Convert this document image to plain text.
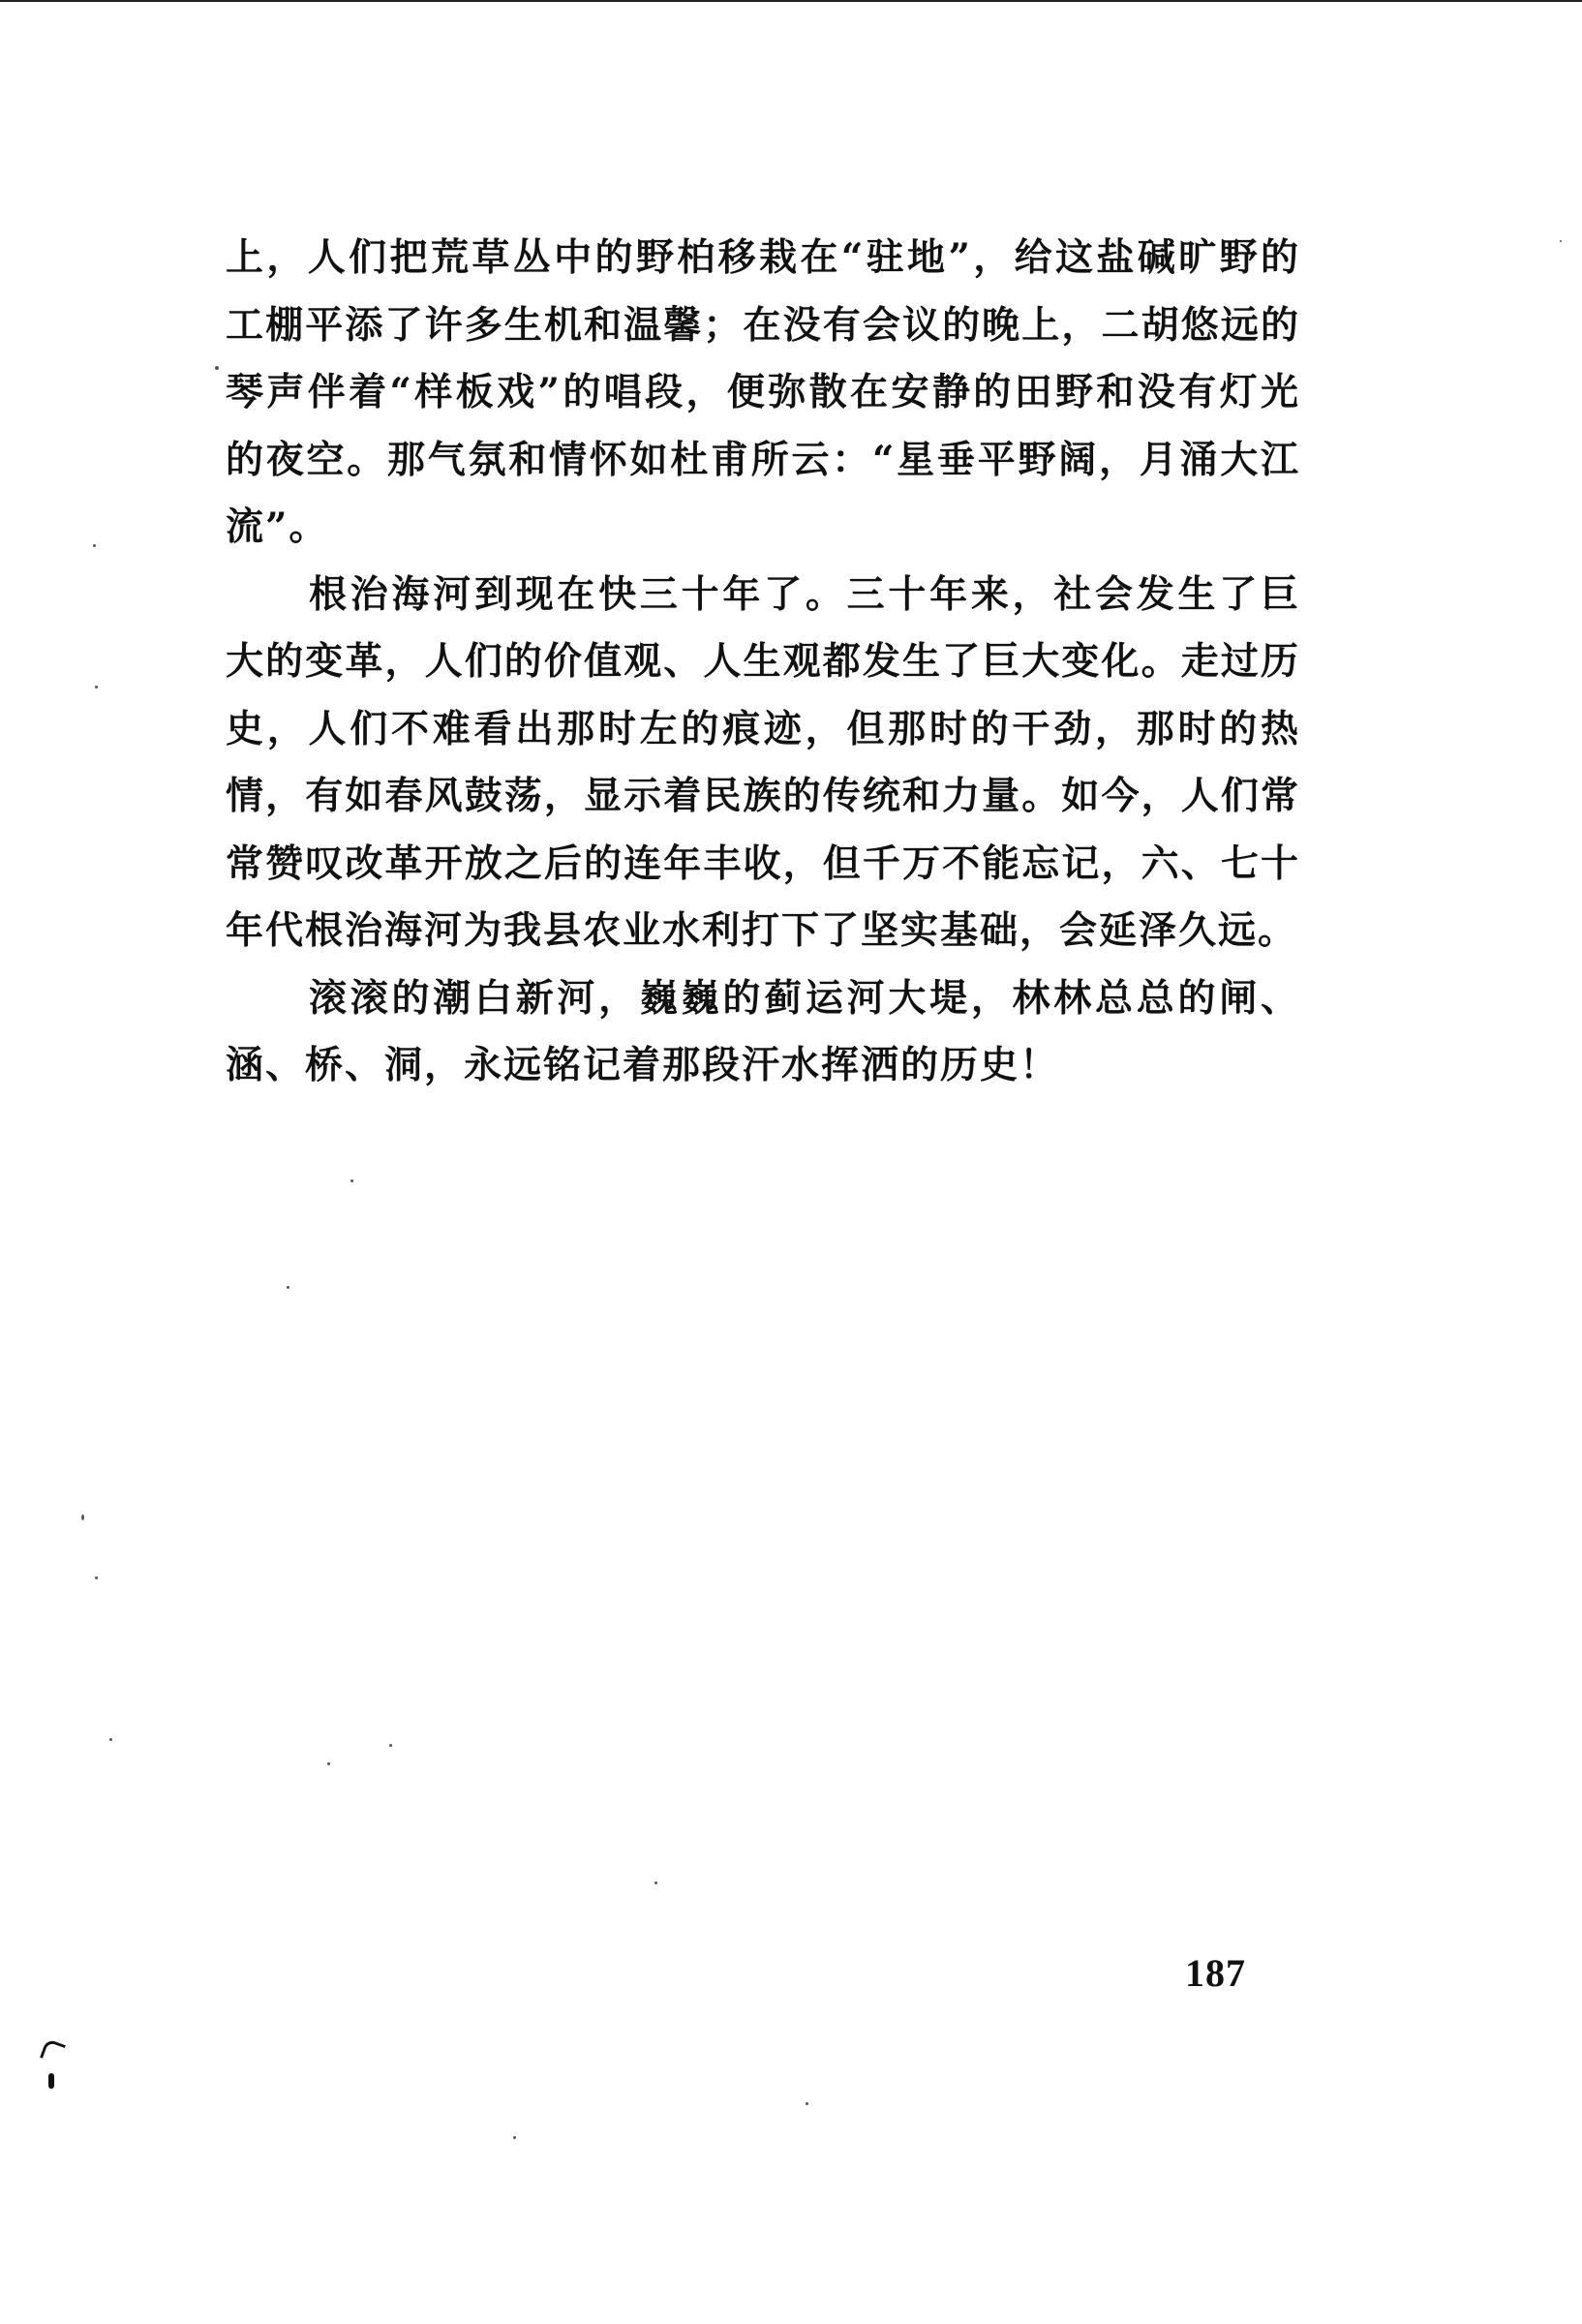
上，人们把荒草丛中的野柏移栽在“驻地”，给这盐碱旷野的工棚平添了许多生机和温馨；在没有会议的晚上，二胡悠远的琴声伴着“样板戏”的唱段，便弥散在安静的田野和没有灯光的夜空。那气氛和情怀如杜甫所云：“星垂平野阔，月涌大江流”。

根治海河到现在快三十年了。三十年来，社会发生了巨大的变革，人们的价值观、人生观都发生了巨大变化。走过历史，人们不难看出那时左的痕迹，但那时的干劲，那时的热情，有如春风鼓荡，显示着民族的传统和力量。如今，人们常常赞叹改革开放之后的连年丰收，但千万不能忘记，六、七十年代根治海河为我县农业水利打下了坚实基础，会延泽久远。

滚滚的潮白新河，巍巍的蓟运河大堤，林林总总的闸、涵、桥、洞，永远铭记着那段汗水挥洒的历史！

187
